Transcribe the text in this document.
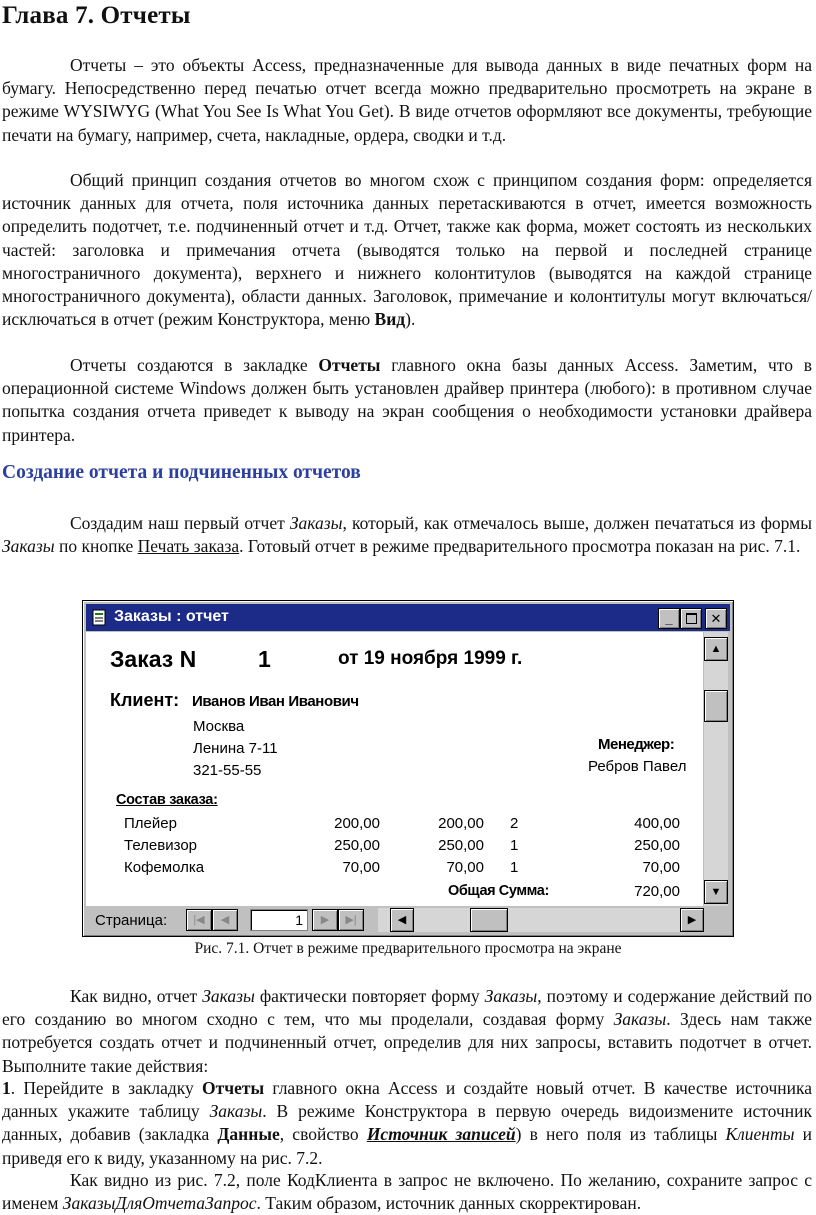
Глава 7. Отчеты

Отчеты – это объекты Access, предназначенные для вывода данных в виде печатных форм на бумагу. Непосредственно перед печатью отчет всегда можно предварительно просмотреть на экране в режиме WYSIWYG (What You See Is What You Get). В виде отчетов оформляют все документы, требующие печати на бумагу, например, счета, накладные, ордера, сводки и т.д.

Общий принцип создания отчетов во многом схож с принципом создания форм: определяется источник данных для отчета, поля источника данных перетаскиваются в отчет, имеется возможность определить подотчет, т.е. подчиненный отчет и т.д. Отчет, также как форма, может состоять из нескольких частей: заголовка и примечания отчета (выводятся только на первой и последней странице многостраничного документа), верхнего и нижнего колонтитулов (выводятся на каждой странице многостраничного документа), области данных. Заголовок, примечание и колонтитулы могут включаться/исключаться в отчет (режим Конструктора, меню Вид).

Отчеты создаются в закладке Отчеты главного окна базы данных Access. Заметим, что в операционной системе Windows должен быть установлен драйвер принтера (любого): в противном случае попытка создания отчета приведет к выводу на экран сообщения о необходимости установки драйвера принтера.

Создание отчета и подчиненных отчетов

Создадим наш первый отчет Заказы, который, как отмечалось выше, должен печататься из формы Заказы по кнопке Печать заказа. Готовый отчет в режиме предварительного просмотра показан на рис. 7.1.

Заказы : отчет	_	✕
Заказ N	1	от 19 ноября 1999 г.
Клиент: Иванов Иван Иванович
Москва
Ленина 7-11
321-55-55
Менеджер:
Ребров Павел
Состав заказа:
Плейер	200,00	200,00 2	400,00
Телевизор	250,00	250,00 1	250,00
Кофемолка	70,00	70,00 1	70,00
Общая Сумма:	720,00
▲
▼
Страница:	|◀	◀	1	▶	▶|	◀	▶
Рис. 7.1. Отчет в режиме предварительного просмотра на экране

Как видно, отчет Заказы фактически повторяет форму Заказы, поэтому и содержание действий по его созданию во многом сходно с тем, что мы проделали, создавая форму Заказы. Здесь нам также потребуется создать отчет и подчиненный отчет, определив для них запросы, вставить подотчет в отчет. Выполните такие действия:

1. Перейдите в закладку Отчеты главного окна Access и создайте новый отчет. В качестве источника данных укажите таблицу Заказы. В режиме Конструктора в первую очередь видоизмените источник данных, добавив (закладка Данные, свойство Источник записей) в него поля из таблицы Клиенты и приведя его к виду, указанному на рис. 7.2.

Как видно из рис. 7.2, поле КодКлиента в запрос не включено. По желанию, сохраните запрос с именем ЗаказыДляОтчетаЗапрос. Таким образом, источник данных скорректирован.
